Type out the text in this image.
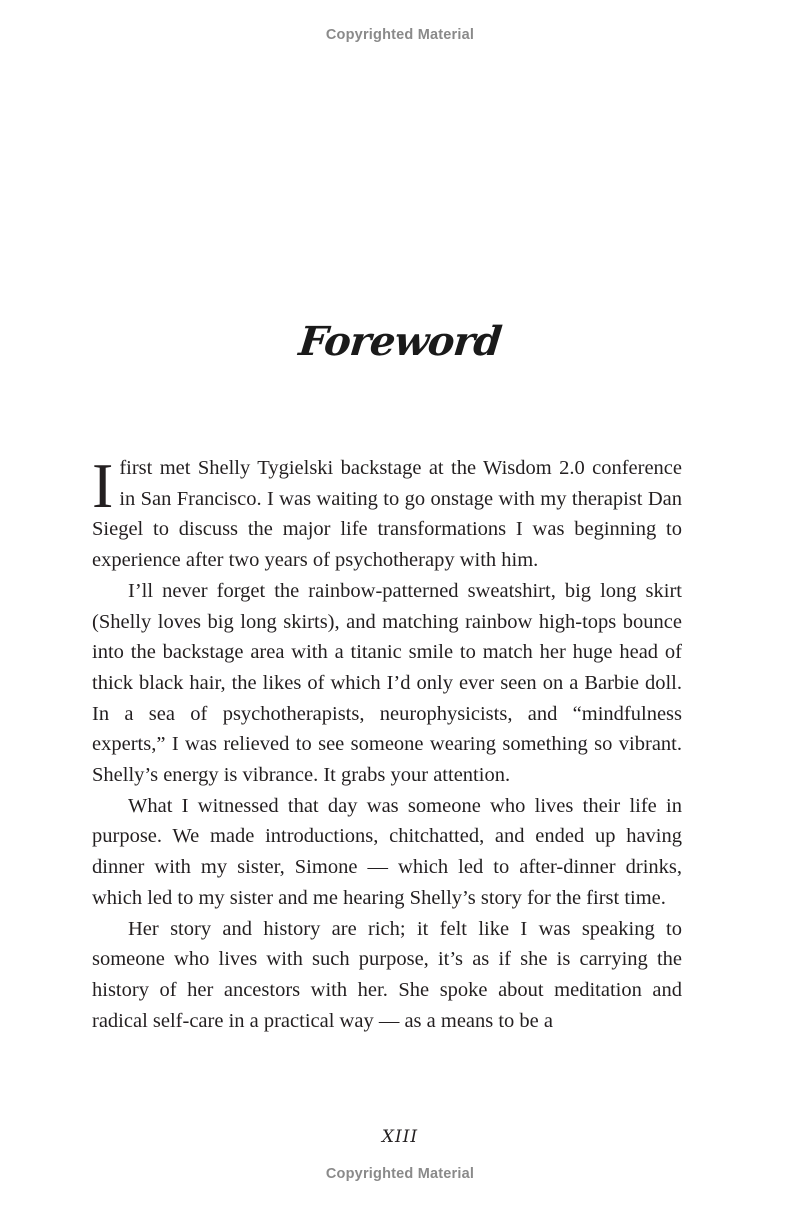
Copyrighted Material
Foreword

I first met Shelly Tygielski backstage at the Wisdom 2.0 conference in San Francisco. I was waiting to go onstage with my therapist Dan Siegel to discuss the major life transformations I was beginning to experience after two years of psychotherapy with him.

I’ll never forget the rainbow-patterned sweatshirt, big long skirt (Shelly loves big long skirts), and matching rainbow high-tops bounce into the backstage area with a titanic smile to match her huge head of thick black hair, the likes of which I’d only ever seen on a Barbie doll. In a sea of psychotherapists, neurophysicists, and “mindfulness experts,” I was relieved to see someone wearing something so vibrant. Shelly’s energy is vibrance. It grabs your attention.

What I witnessed that day was someone who lives their life in purpose. We made introductions, chitchatted, and ended up having dinner with my sister, Simone — which led to after-dinner drinks, which led to my sister and me hearing Shelly’s story for the first time.

Her story and history are rich; it felt like I was speaking to someone who lives with such purpose, it’s as if she is carrying the history of her ancestors with her. She spoke about meditation and radical self-care in a practical way — as a means to be a

XIII
Copyrighted Material
